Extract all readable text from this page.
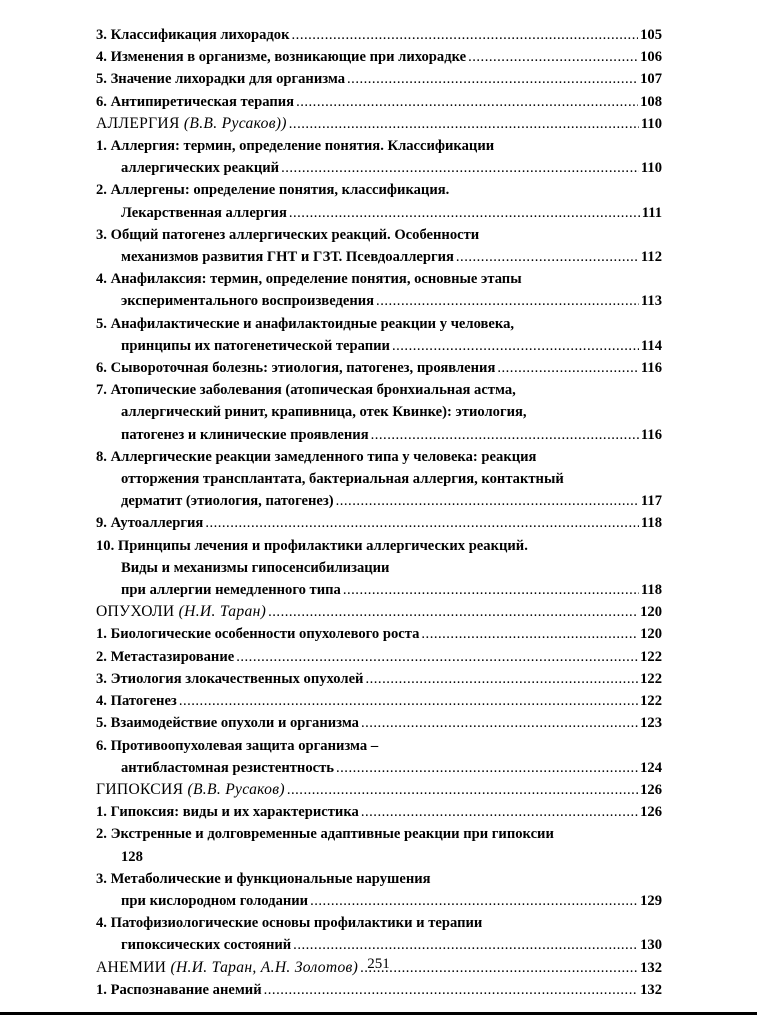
3. Классификация лихорадок .....	105
4. Изменения в организме, возникающие при лихорадке .....	106
5. Значение лихорадки для организма .....	107
6. Антипиретическая терапия .....	108
АЛЛЕРГИЯ (В.В. Русаков)) .....	110
1. Аллергия: термин, определение понятия. Классификации
аллергических реакций .....	110
2. Аллергены: определение понятия, классификация.
Лекарственная аллергия .....	111
3. Общий патогенез аллергических реакций. Особенности
механизмов развития ГНТ и ГЗТ. Псевдоаллергия .....	112
4. Анафилаксия: термин, определение понятия, основные этапы
экспериментального воспроизведения .....	113
5. Анафилактические и анафилактоидные реакции у человека,
принципы их патогенетической терапии .....	114
6. Сывороточная болезнь: этиология, патогенез, проявления .....	116
7. Атопические заболевания (атопическая бронхиальная астма,
аллергический ринит, крапивница, отек Квинке): этиология,
патогенез и клинические проявления .....	116
8. Аллергические реакции замедленного типа у человека: реакция
отторжения трансплантата, бактериальная аллергия, контактный
дерматит (этиология, патогенез) .....	117
9. Аутоаллергия .....	118
10. Принципы лечения и профилактики аллергических реакций.
Виды и механизмы гипосенсибилизации
при аллергии немедленного типа .....	118
ОПУХОЛИ (Н.И. Таран) .....	120
1. Биологические особенности опухолевого роста .....	120
2. Метастазирование .....	122
3. Этиология злокачественных опухолей .....	122
4. Патогенез .....	122
5. Взаимодействие опухоли и организма .....	123
6. Противоопухолевая защита организма –
антибластомная резистентность .....	124
ГИПОКСИЯ (В.В. Русаков) .....	126
1. Гипоксия: виды и их характеристика .....	126
2. Экстренные и долговременные адаптивные реакции при гипоксии
128
3. Метаболические и функциональные нарушения
при кислородном голодании .....	129
4. Патофизиологические основы профилактики и терапии
гипоксических состояний .....	130
АНЕМИИ (Н.И. Таран, А.Н. Золотов) .....	132
1. Распознавание анемий .....	132
251
